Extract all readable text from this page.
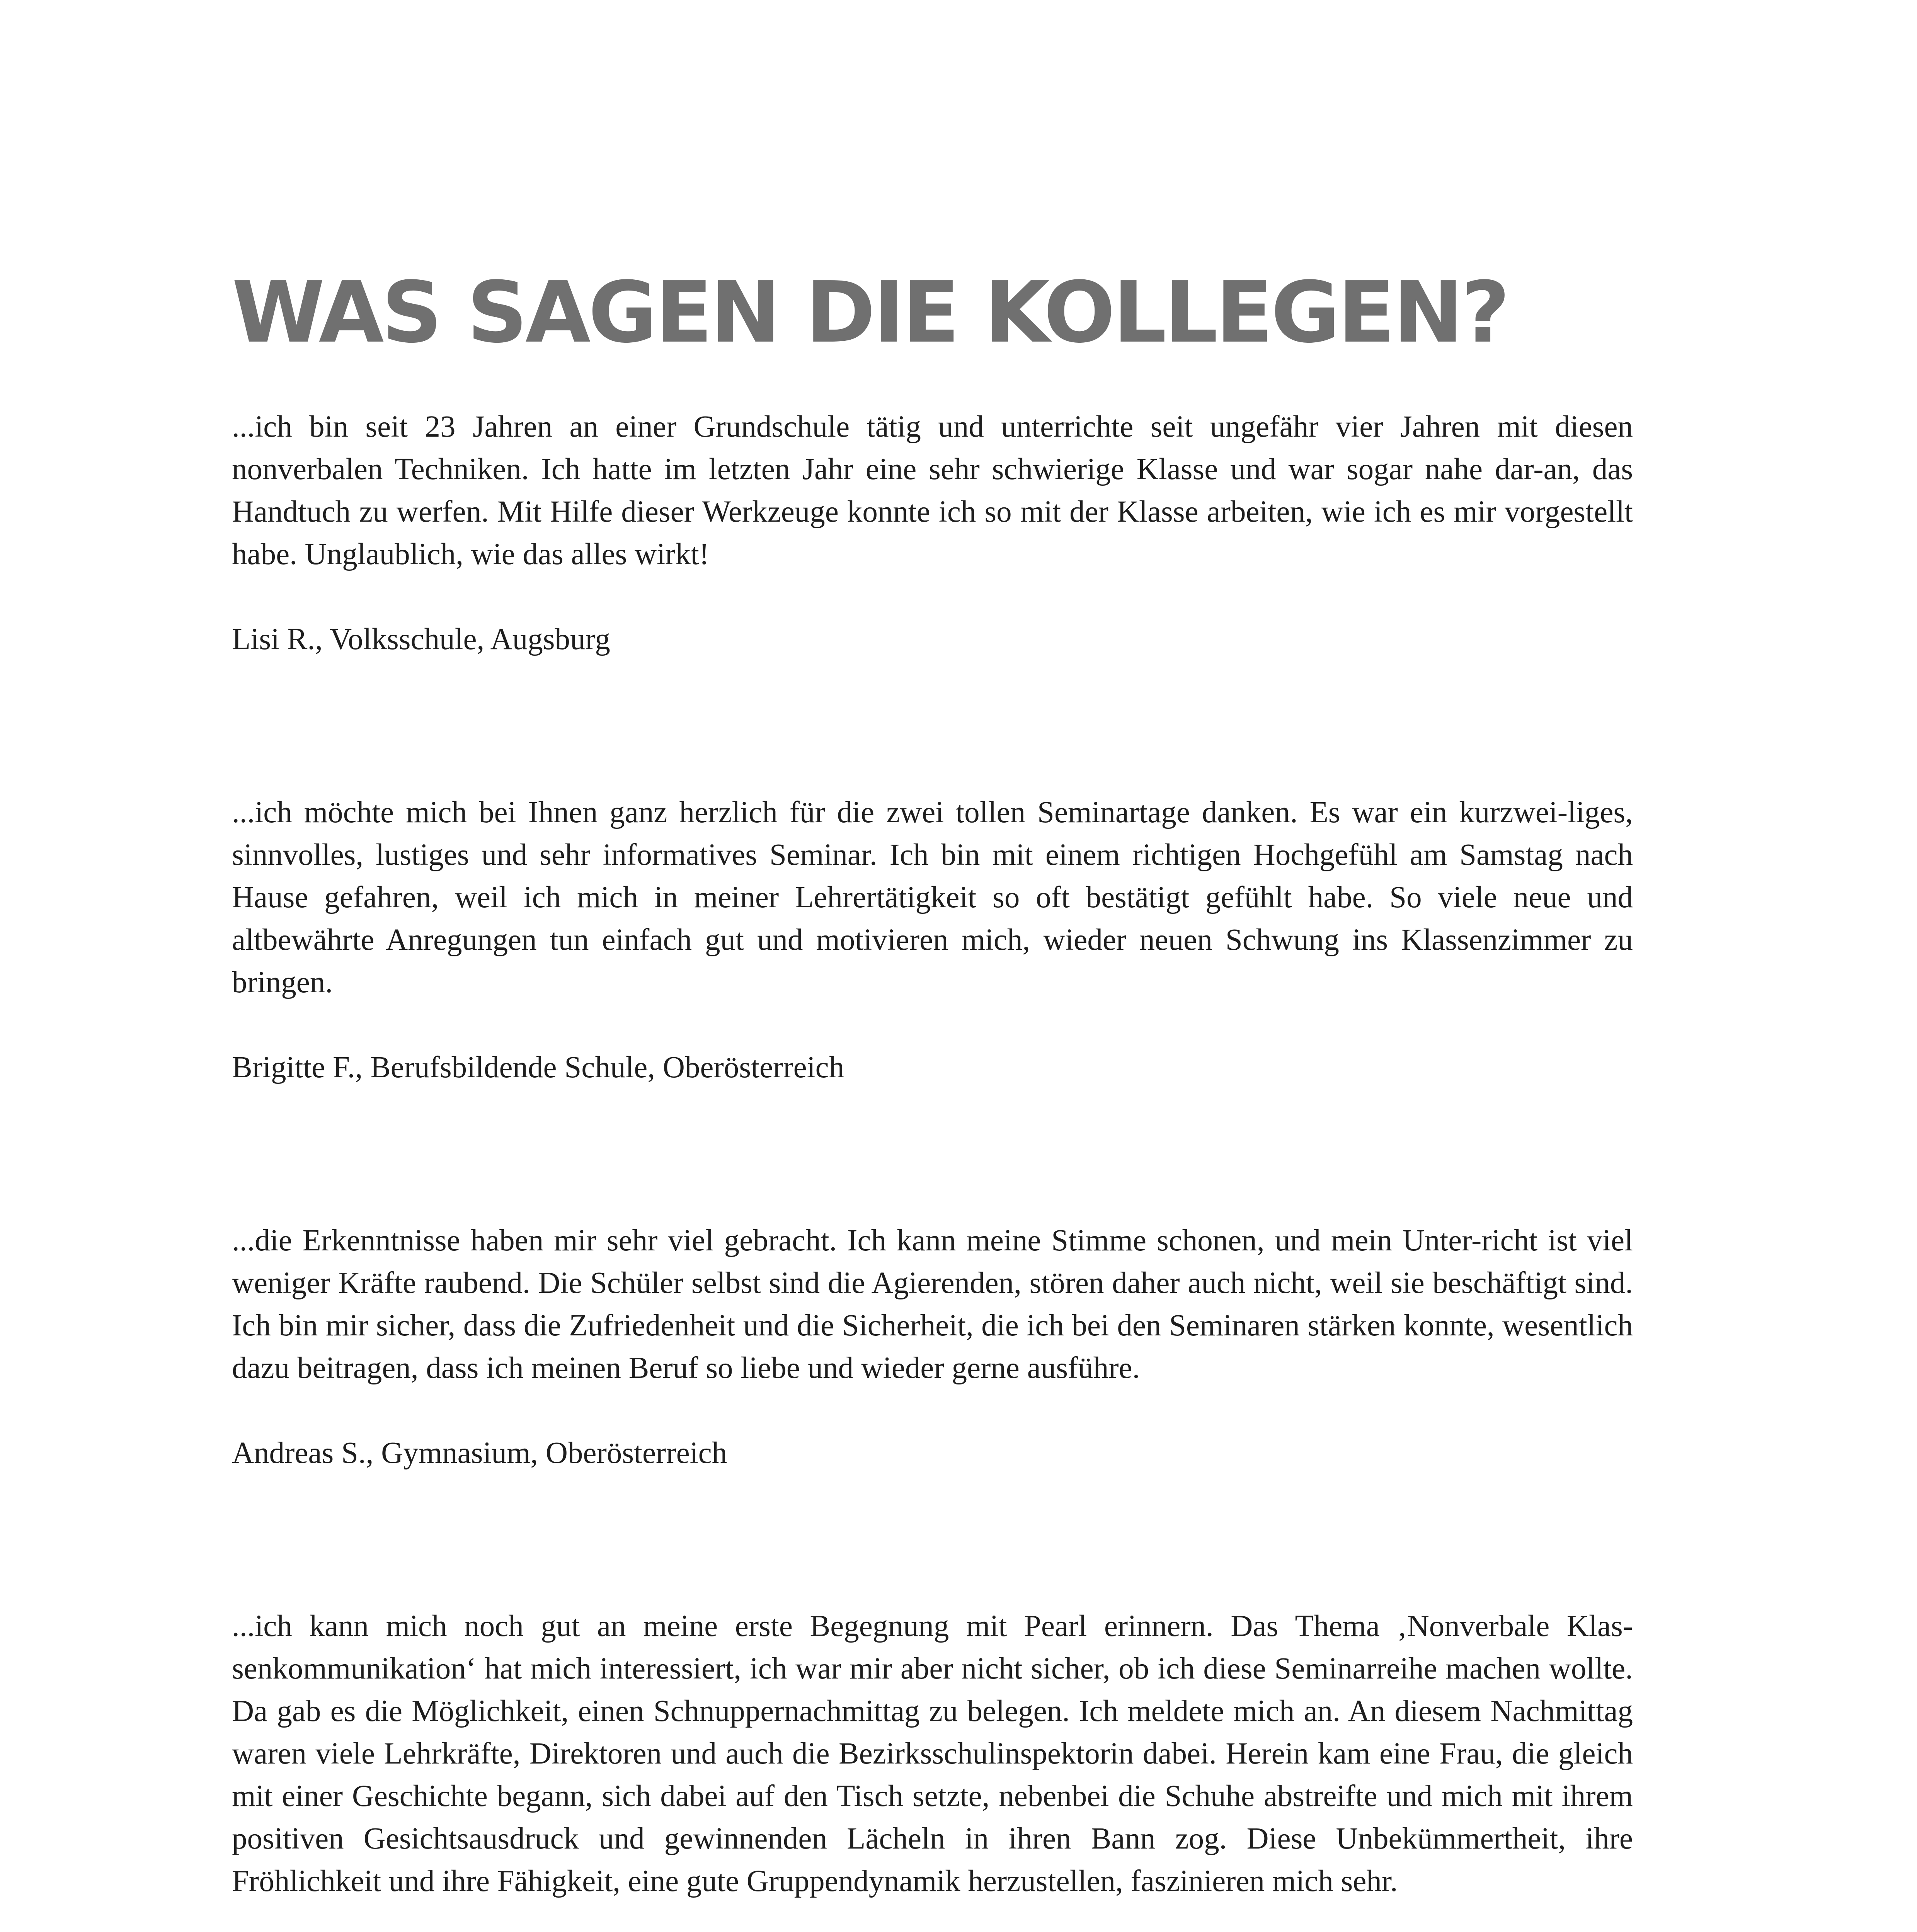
WAS SAGEN DIE KOLLEGEN?

...ich bin seit 23 Jahren an einer Grundschule tätig und unterrichte seit ungefähr vier Jahren mit diesen nonverbalen Techniken. Ich hatte im letzten Jahr eine sehr schwierige Klasse und war sogar nahe dar-an, das Handtuch zu werfen. Mit Hilfe dieser Werkzeuge konnte ich so mit der Klasse arbeiten, wie ich es mir vorgestellt habe. Unglaublich, wie das alles wirkt!

Lisi R., Volksschule, Augsburg

...ich möchte mich bei Ihnen ganz herzlich für die zwei tollen Seminartage danken. Es war ein kurzwei-liges, sinnvolles, lustiges und sehr informatives Seminar. Ich bin mit einem richtigen Hochgefühl am Samstag nach Hause gefahren, weil ich mich in meiner Lehrertätigkeit so oft bestätigt gefühlt habe. So viele neue und altbewährte Anregungen tun einfach gut und motivieren mich, wieder neuen Schwung ins Klassenzimmer zu bringen.

Brigitte F., Berufsbildende Schule, Oberösterreich

...die Erkenntnisse haben mir sehr viel gebracht. Ich kann meine Stimme schonen, und mein Unter-richt ist viel weniger Kräfte raubend. Die Schüler selbst sind die Agierenden, stören daher auch nicht, weil sie beschäftigt sind. Ich bin mir sicher, dass die Zufriedenheit und die Sicherheit, die ich bei den Seminaren stärken konnte, wesentlich dazu beitragen, dass ich meinen Beruf so liebe und wieder gerne ausführe.

Andreas S., Gymnasium, Oberösterreich

...ich kann mich noch gut an meine erste Begegnung mit Pearl erinnern. Das Thema ‚Nonverbale Klas-senkommunikation‘ hat mich interessiert, ich war mir aber nicht sicher, ob ich diese Seminarreihe machen wollte. Da gab es die Möglichkeit, einen Schnuppernachmittag zu belegen. Ich meldete mich an. An diesem Nachmittag waren viele Lehrkräfte, Direktoren und auch die Bezirksschulinspektorin dabei. Herein kam eine Frau, die gleich mit einer Geschichte begann, sich dabei auf den Tisch setzte, nebenbei die Schuhe abstreifte und mich mit ihrem positiven Gesichtsausdruck und gewinnenden Lächeln in ihren Bann zog. Diese Unbekümmertheit, ihre Fröhlichkeit und ihre Fähigkeit, eine gute Gruppendynamik herzustellen, faszinieren mich sehr.
